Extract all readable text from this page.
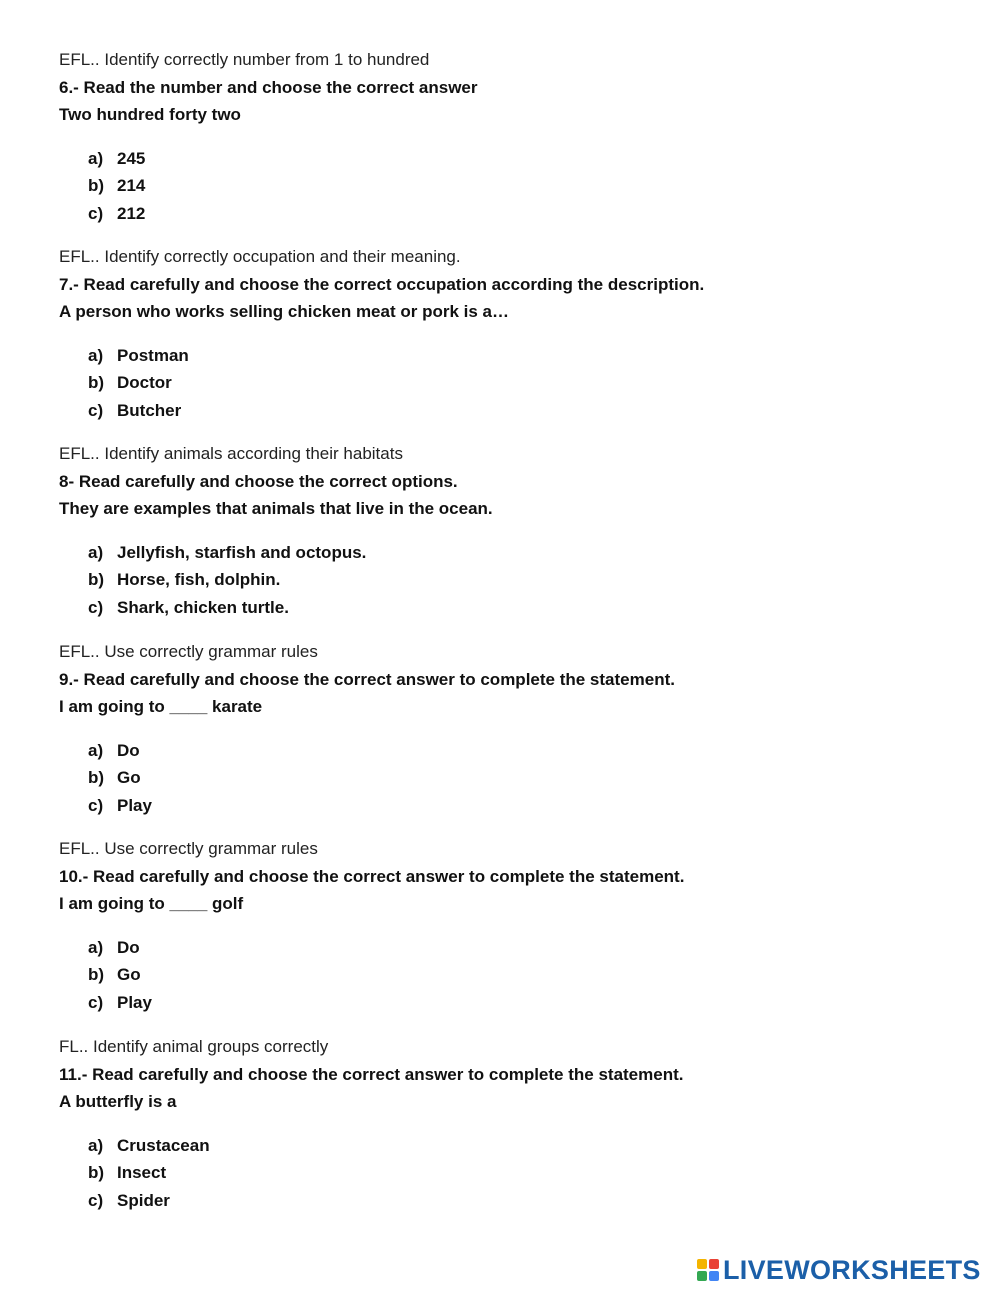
EFL.. Identify correctly number from 1 to hundred

6.- Read the number and choose the correct answer

Two hundred forty two

a) 245
b) 214
c) 212

EFL.. Identify correctly occupation and their meaning.

7.- Read carefully and choose the correct occupation according the description.

A person who works selling chicken meat or pork is a…

a) Postman
b) Doctor
c) Butcher

EFL.. Identify animals according their habitats

8- Read carefully and choose the correct options.

They are examples that animals that live in the ocean.

a) Jellyfish, starfish and octopus.
b) Horse, fish, dolphin.
c) Shark, chicken turtle.

EFL.. Use correctly grammar rules

9.- Read carefully and choose the correct answer to complete the statement.

I am going to ____ karate

a) Do
b) Go
c) Play

EFL.. Use correctly grammar rules

10.- Read carefully and choose the correct answer to complete the statement.

I am going to ____ golf

a) Do
b) Go
c) Play

FL.. Identify animal groups correctly

11.- Read carefully and choose the correct answer to complete the statement.

A butterfly is a

a) Crustacean
b) Insect
c) Spider
LIVEWORKSHEETS
